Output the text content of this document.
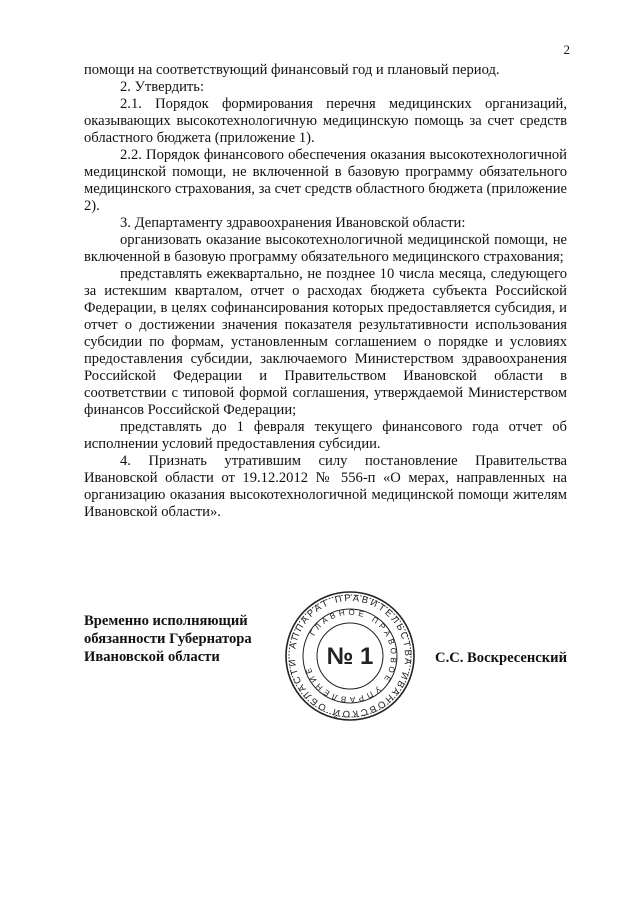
2

помощи на соответствующий финансовый год и плановый период.

2. Утвердить:

2.1. Порядок формирования перечня медицинских организаций, оказывающих высокотехнологичную медицинскую помощь за счет средств областного бюджета (приложение 1).

2.2. Порядок финансового обеспечения оказания высокотехнологичной медицинской помощи, не включенной в базовую программу обязательного медицинского страхования, за счет средств областного бюджета (приложение 2).

3. Департаменту здравоохранения Ивановской области:

организовать оказание высокотехнологичной медицинской помощи, не включенной в базовую программу обязательного медицинского страхования;

представлять ежеквартально, не позднее 10 числа месяца, следующего за истекшим кварталом, отчет о расходах бюджета субъекта Российской Федерации, в целях софинансирования которых предоставляется субсидия, и отчет о достижении значения показателя результативности использования субсидии по формам, установленным соглашением о порядке и условиях предоставления субсидии, заключаемого Министерством здравоохранения Российской Федерации и Правительством Ивановской области в соответствии с типовой формой соглашения, утверждаемой Министерством финансов Российской Федерации;

представлять до 1 февраля текущего финансового года отчет об исполнении условий предоставления субсидии.

4. Признать утратившим силу постановление Правительства Ивановской области от 19.12.2012 № 556-п «О мерах, направленных на организацию оказания высокотехнологичной медицинской помощи жителям Ивановской области».

Временно исполняющий
обязанности Губернатора
Ивановской области
АППАРАТ ПРАВИТЕЛЬСТВА ИВАНОВСКОЙ ОБЛАСТИ
ГЛАВНОЕ ПРАВОВОЕ УПРАВЛЕНИЕ
№ 1	С.С. Воскресенский
